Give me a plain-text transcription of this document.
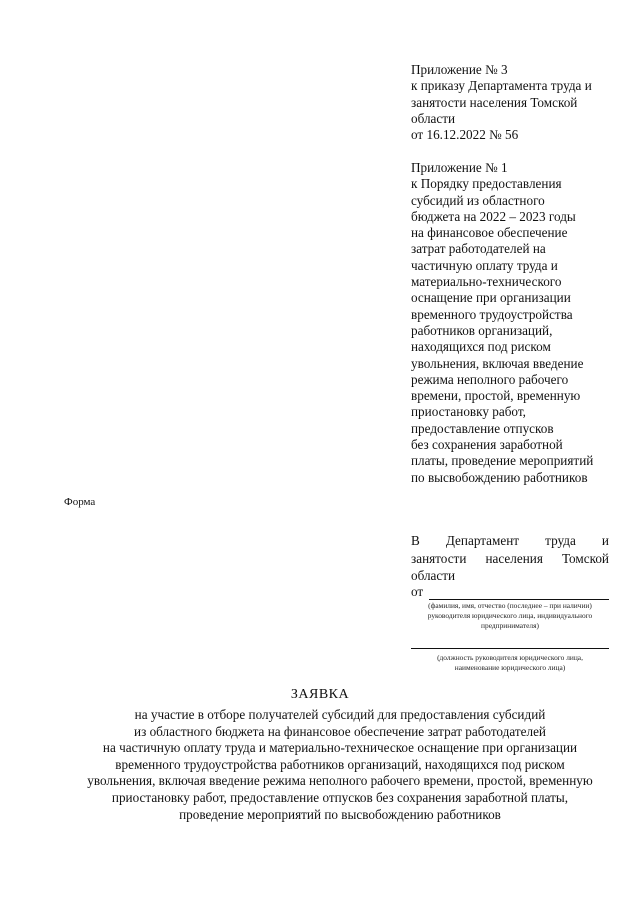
Приложение № 3
к приказу Департамента труда и
занятости населения Томской
области
от 16.12.2022 № 56
Приложение № 1
к Порядку предоставления
субсидий из областного
бюджета на 2022 – 2023 годы
на финансовое обеспечение
затрат работодателей на
частичную оплату труда и
материально-технического
оснащение при организации
временного трудоустройства
работников организаций,
находящихся под риском
увольнения, включая введение
режима неполного рабочего
времени, простой, временную
приостановку работ,
предоставление отпусков
без сохранения заработной
платы, проведение мероприятий
по высвобождению работников
Форма
В Департамент труда и
занятости населения Томской
области
от
(фамилия, имя, отчество (последнее – при наличии)
руководителя юридического лица, индивидуального
предпринимателя)
(должность руководителя юридического лица,
наименование юридического лица)
ЗАЯВКА
на участие в отборе получателей субсидий для предоставления субсидий
из областного бюджета на финансовое обеспечение затрат работодателей
на частичную оплату труда и материально-техническое оснащение при организации
временного трудоустройства работников организаций, находящихся под риском
увольнения, включая введение режима неполного рабочего времени, простой, временную
приостановку работ, предоставление отпусков без сохранения заработной платы,
проведение мероприятий по высвобождению работников
